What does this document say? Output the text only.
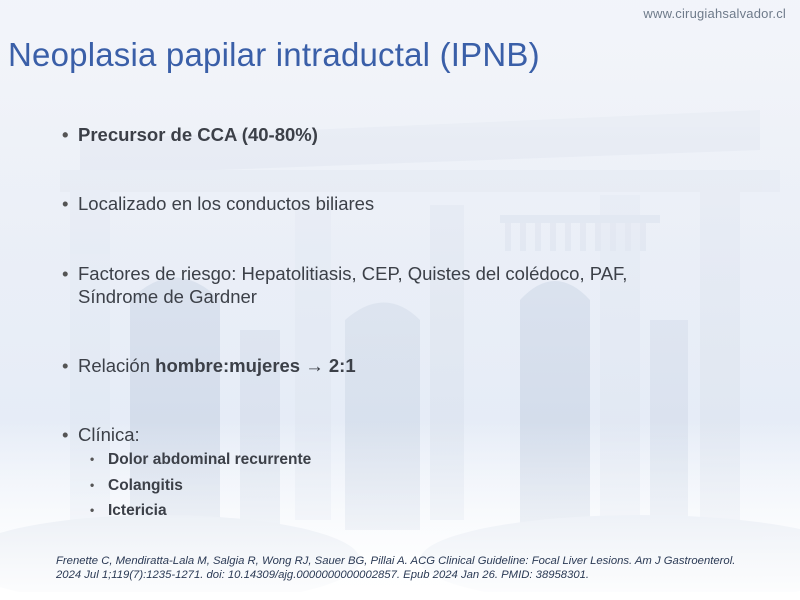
www.cirugiahsalvador.cl
Neoplasia papilar intraductal (IPNB)
• Precursor de CCA (40-80%)
• Localizado en los conductos biliares
• Factores de riesgo: Hepatolitiasis, CEP, Quistes del colédoco, PAF,
Síndrome de Gardner
• Relación hombre:mujeres → 2:1
• Clínica:
• Dolor abdominal recurrente
• Colangitis
• Ictericia
Frenette C, Mendiratta-Lala M, Salgia R, Wong RJ, Sauer BG, Pillai A. ACG Clinical Guideline: Focal Liver Lesions. Am J Gastroenterol.
2024 Jul 1;119(7):1235-1271. doi: 10.14309/ajg.0000000000002857. Epub 2024 Jan 26. PMID: 38958301.
